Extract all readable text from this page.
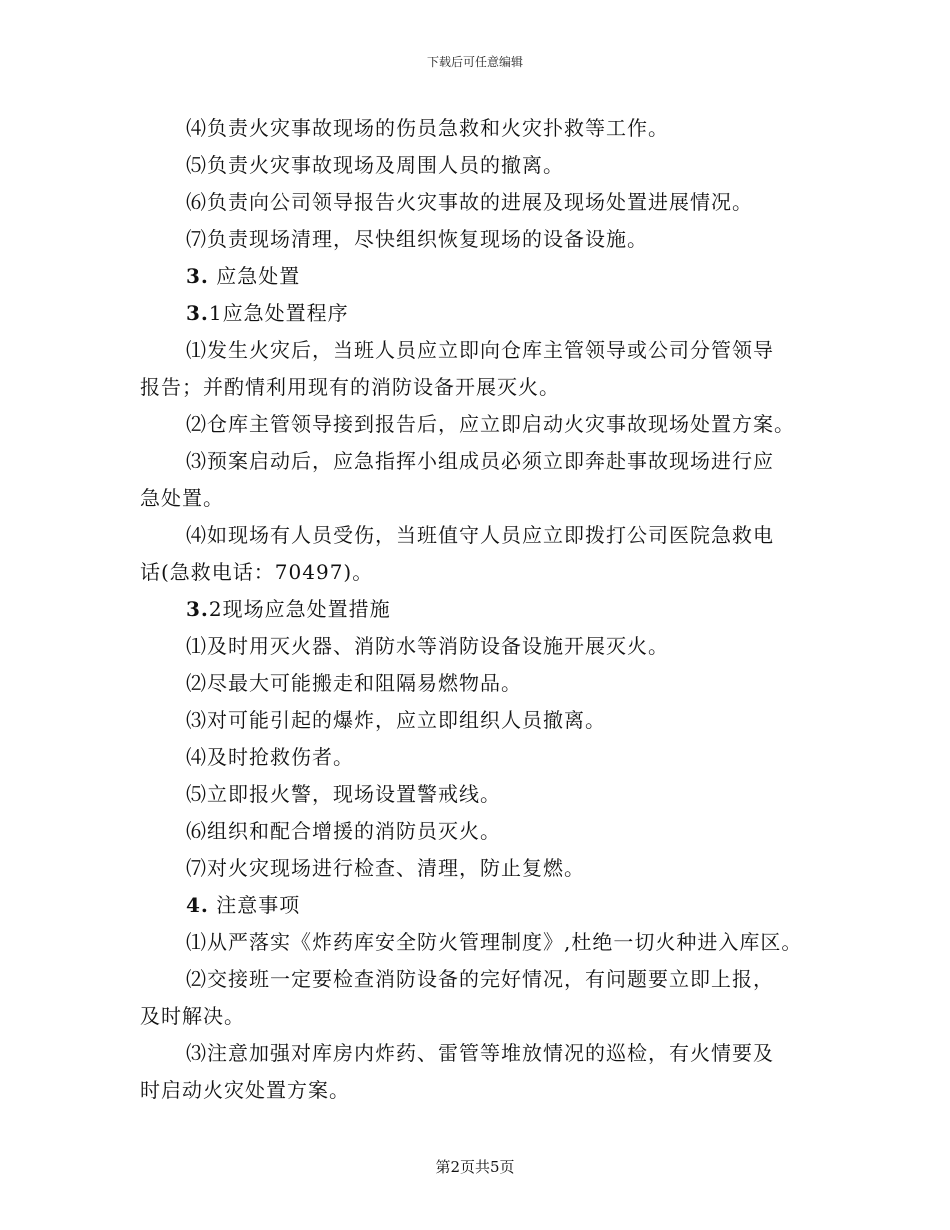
下载后可任意编辑
⑷负责火灾事故现场的伤员急救和火灾扑救等工作。
⑸负责火灾事故现场及周围人员的撤离。
⑹负责向公司领导报告火灾事故的进展及现场处置进展情况。
⑺负责现场清理，尽快组织恢复现场的设备设施。
3. 应急处置
3.1应急处置程序
⑴发生火灾后，当班人员应立即向仓库主管领导或公司分管领导
报告；并酌情利用现有的消防设备开展灭火。
⑵仓库主管领导接到报告后，应立即启动火灾事故现场处置方案。
⑶预案启动后，应急指挥小组成员必须立即奔赴事故现场进行应
急处置。
⑷如现场有人员受伤，当班值守人员应立即拨打公司医院急救电
话(急救电话：70497)。
3.2现场应急处置措施
⑴及时用灭火器、消防水等消防设备设施开展灭火。
⑵尽最大可能搬走和阻隔易燃物品。
⑶对可能引起的爆炸，应立即组织人员撤离。
⑷及时抢救伤者。
⑸立即报火警，现场设置警戒线。
⑹组织和配合增援的消防员灭火。
⑺对火灾现场进行检查、清理，防止复燃。
4. 注意事项
⑴从严落实《炸药库安全防火管理制度》,杜绝一切火种进入库区。
⑵交接班一定要检查消防设备的完好情况，有问题要立即上报，
及时解决。
⑶注意加强对库房内炸药、雷管等堆放情况的巡检，有火情要及
时启动火灾处置方案。
第2页共5页
